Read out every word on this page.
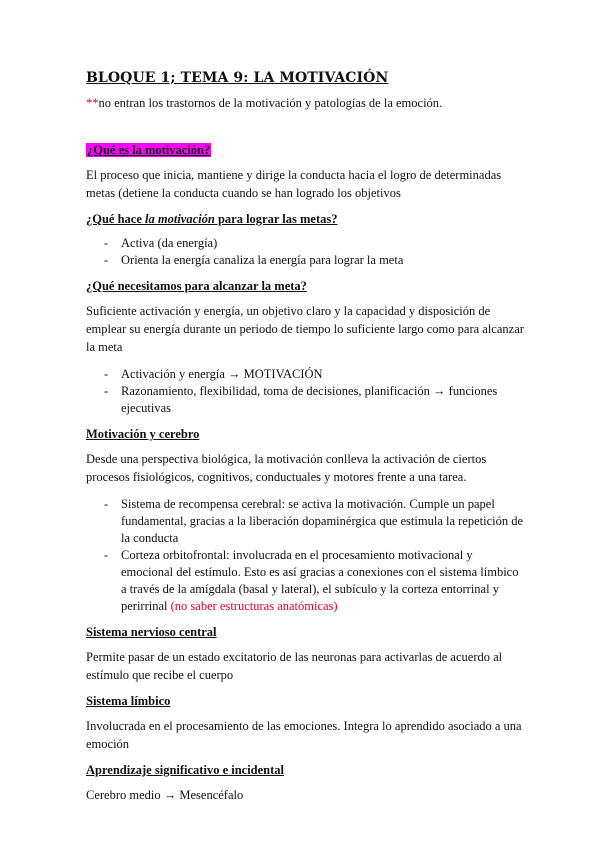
BLOQUE 1; TEMA 9: LA MOTIVACIÓN

**no entran los trastornos de la motivación y patologías de la emoción.

¿Qué es la motivación?

El proceso que inicia, mantiene y dirige la conducta hacia el logro de determinadas metas (detiene la conducta cuando se han logrado los objetivos

¿Qué hace la motivación para lograr las metas?
- Activa (da energía)
- Orienta la energía canaliza la energía para lograr la meta
¿Qué necesitamos para alcanzar la meta?

Suficiente activación y energía, un objetivo claro y la capacidad y disposición de emplear su energía durante un periodo de tiempo lo suficiente largo como para alcanzar la meta

- Activación y energía → MOTIVACIÓN
- Razonamiento, flexibilidad, toma de decisiones, planificación → funciones ejecutivas
Motivación y cerebro

Desde una perspectiva biológica, la motivación conlleva la activación de ciertos procesos fisiológicos, cognitivos, conductuales y motores frente a una tarea.

- Sistema de recompensa cerebral: se activa la motivación. Cumple un papel fundamental, gracias a la liberación dopaminérgica que estimula la repetición de la conducta
- Corteza orbitofrontal: involucrada en el procesamiento motivacional y emocional del estímulo. Esto es así gracias a conexiones con el sistema límbico a través de la amígdala (basal y lateral), el subículo y la corteza entorrinal y perirrinal (no saber estructuras anatómicas)
Sistema nervioso central

Permite pasar de un estado excitatorio de las neuronas para activarlas de acuerdo al estímulo que recibe el cuerpo

Sistema límbico

Involucrada en el procesamiento de las emociones. Integra lo aprendido asociado a una emoción

Aprendizaje significativo e incidental

Cerebro medio → Mesencéfalo
